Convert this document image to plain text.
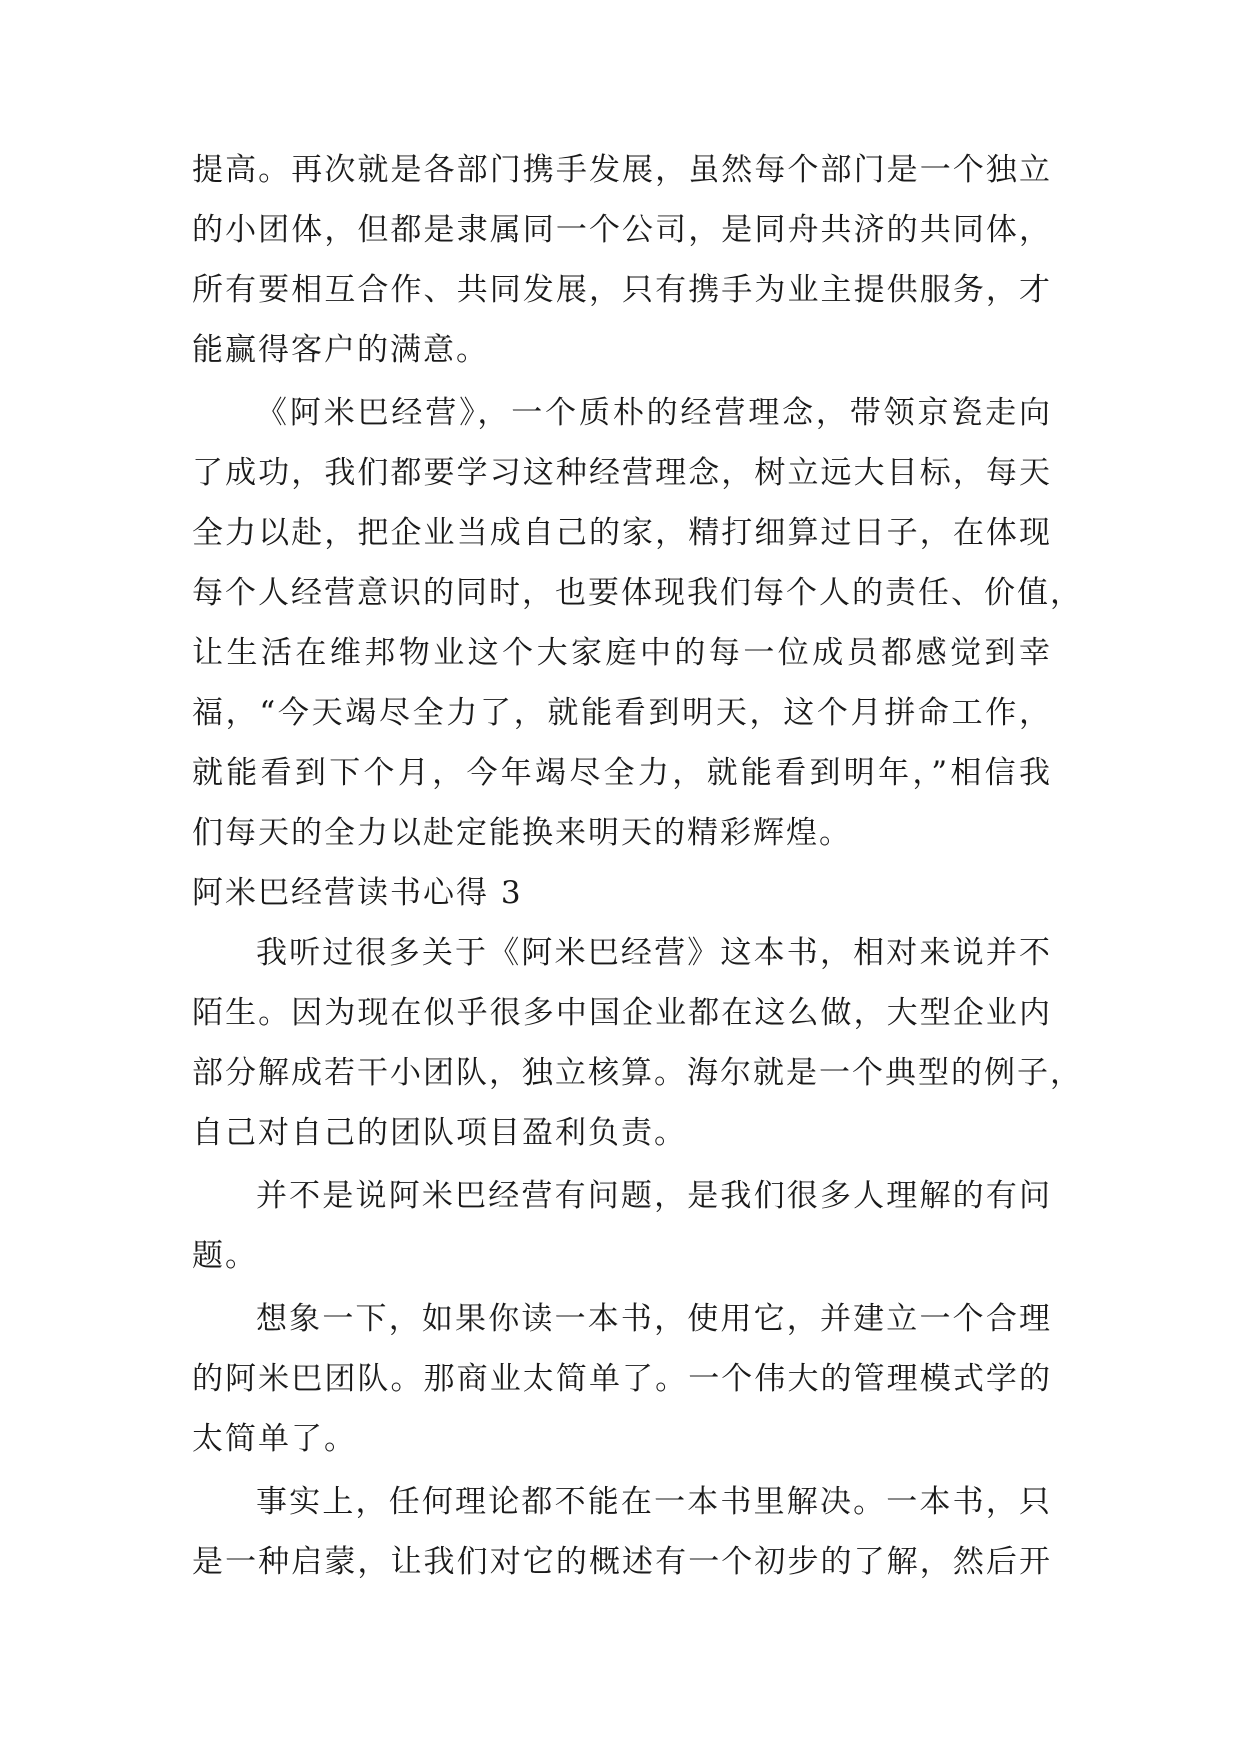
提高。再次就是各部门携手发展，虽然每个部门是一个独立
的小团体，但都是隶属同一个公司，是同舟共济的共同体，
所有要相互合作、共同发展，只有携手为业主提供服务，才
能赢得客户的满意。
《阿米巴经营》，一个质朴的经营理念，带领京瓷走向
了成功，我们都要学习这种经营理念，树立远大目标，每天
全力以赴，把企业当成自己的家，精打细算过日子，在体现
每个人经营意识的同时，也要体现我们每个人的责任、价值，
让生活在维邦物业这个大家庭中的每一位成员都感觉到幸
福，“今天竭尽全力了，就能看到明天，这个月拼命工作，
就能看到下个月，今年竭尽全力，就能看到明年，”相信我
们每天的全力以赴定能换来明天的精彩辉煌。
阿米巴经营读书心得 3
我听过很多关于《阿米巴经营》这本书，相对来说并不
陌生。因为现在似乎很多中国企业都在这么做，大型企业内
部分解成若干小团队，独立核算。海尔就是一个典型的例子，
自己对自己的团队项目盈利负责。
并不是说阿米巴经营有问题，是我们很多人理解的有问
题。
想象一下，如果你读一本书，使用它，并建立一个合理
的阿米巴团队。那商业太简单了。一个伟大的管理模式学的
太简单了。
事实上，任何理论都不能在一本书里解决。一本书，只
是一种启蒙，让我们对它的概述有一个初步的了解，然后开
